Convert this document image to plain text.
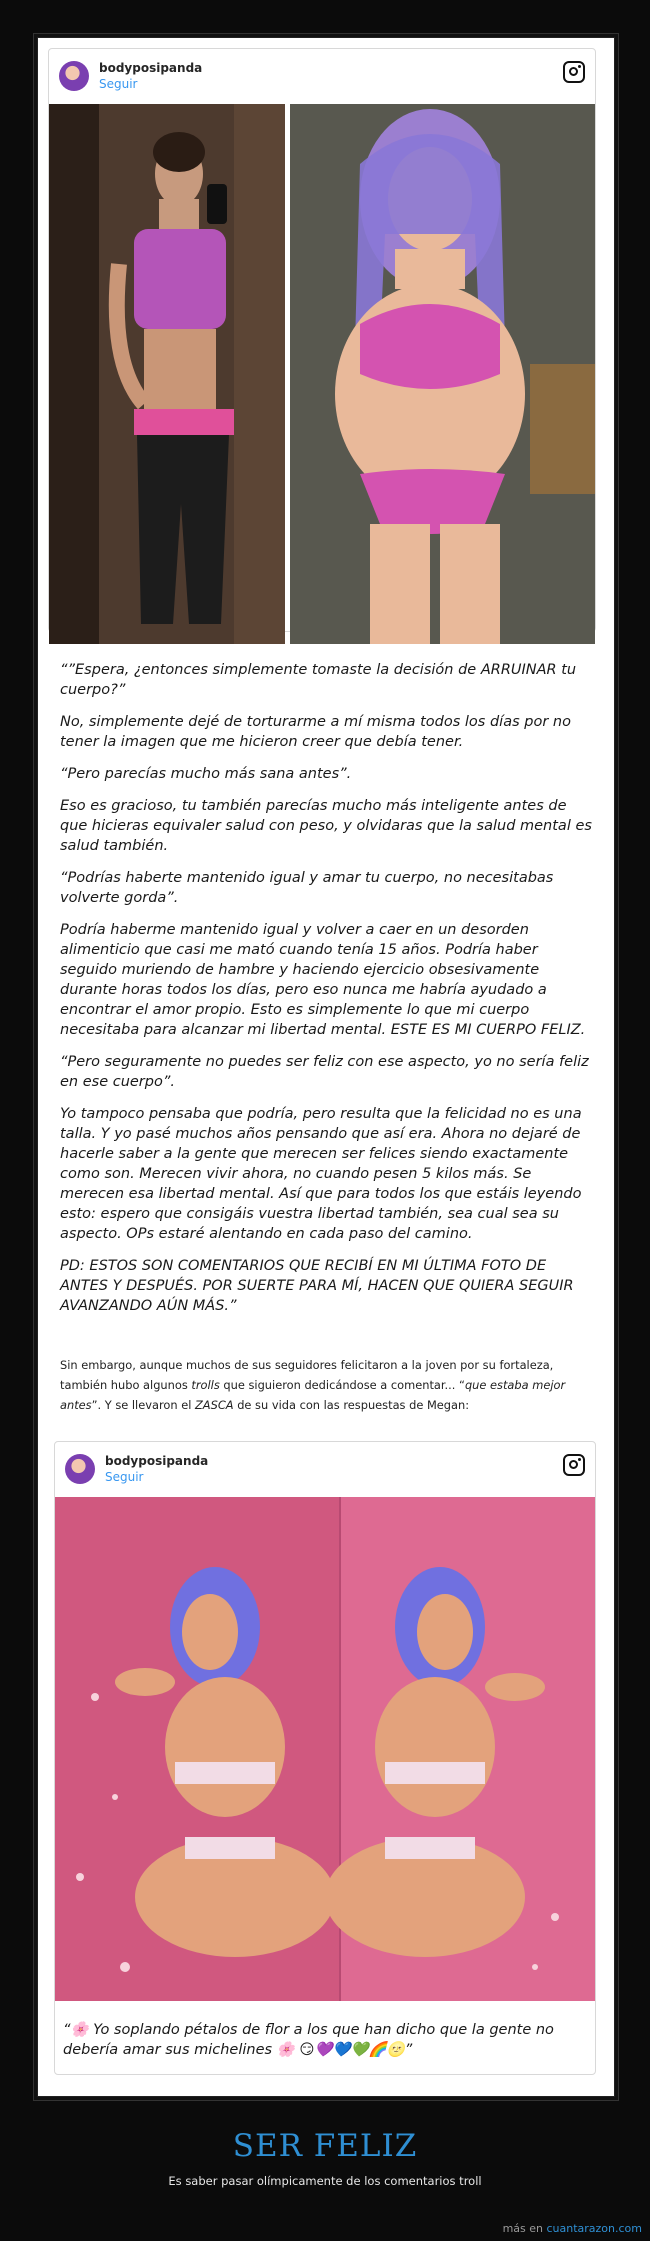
bodyposipanda
Seguir

“”Espera, ¿entonces simplemente tomaste la decisión de ARRUINAR tu cuerpo?”

No, simplemente dejé de torturarme a mí misma todos los días por no tener la imagen que me hicieron creer que debía tener.

“Pero parecías mucho más sana antes”.

Eso es gracioso, tu también parecías mucho más inteligente antes de que hicieras equivaler salud con peso, y olvidaras que la salud mental es salud también.

“Podrías haberte mantenido igual y amar tu cuerpo, no necesitabas volverte gorda”.

Podría haberme mantenido igual y volver a caer en un desorden alimenticio que casi me mató cuando tenía 15 años. Podría haber seguido muriendo de hambre y haciendo ejercicio obsesivamente durante horas todos los días, pero eso nunca me habría ayudado a encontrar el amor propio. Esto es simplemente lo que mi cuerpo necesitaba para alcanzar mi libertad mental. ESTE ES MI CUERPO FELIZ.

“Pero seguramente no puedes ser feliz con ese aspecto, yo no sería feliz en ese cuerpo”.

Yo tampoco pensaba que podría, pero resulta que la felicidad no es una talla. Y yo pasé muchos años pensando que así era. Ahora no dejaré de hacerle saber a la gente que merecen ser felices siendo exactamente como son. Merecen vivir ahora, no cuando pesen 5 kilos más. Se merecen esa libertad mental. Así que para todos los que estáis leyendo esto: espero que consigáis vuestra libertad también, sea cual sea su aspecto. OPs estaré alentando en cada paso del camino.

PD: ESTOS SON COMENTARIOS QUE RECIBÍ EN MI ÚLTIMA FOTO DE ANTES Y DESPUÉS. POR SUERTE PARA MÍ, HACEN QUE QUIERA SEGUIR AVANZANDO AÚN MÁS.”

Sin embargo, aunque muchos de sus seguidores felicitaron a la joven por su fortaleza, también hubo algunos trolls que siguieron dedicándose a comentar... “que estaba mejor antes”. Y se llevaron el ZASCA de su vida con las respuestas de Megan:
bodyposipanda
Seguir
“🌸 Yo soplando pétalos de flor a los que han dicho que la gente no debería amar sus michelines 🌸 😏💜💙💚🌈🌝”
SER FELIZ
Es saber pasar olímpicamente de los comentarios troll
más en cuantarazon.com
